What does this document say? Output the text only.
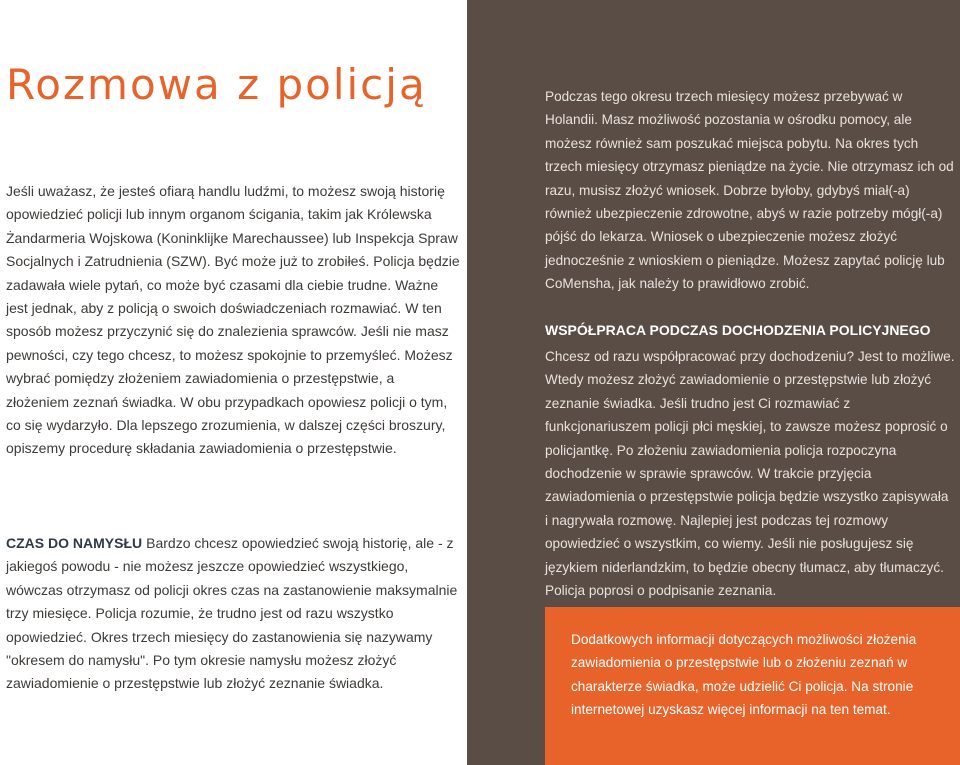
Rozmowa z policją

Jeśli uważasz, że jesteś ofiarą handlu ludźmi, to możesz swoją historię opowiedzieć policji lub innym organom ścigania, takim jak Królewska Żandarmeria Wojskowa (Koninklijke Marechaussee) lub Inspekcja Spraw Socjalnych i Zatrudnienia (SZW). Być może już to zrobiłeś. Policja będzie zadawała wiele pytań, co może być czasami dla ciebie trudne. Ważne jest jednak, aby z policją o swoich doświadczeniach rozmawiać. W ten sposób możesz przyczynić się do znalezienia sprawców. Jeśli nie masz pewności, czy tego chcesz, to możesz spokojnie to przemyśleć. Możesz wybrać pomiędzy złożeniem zawiadomienia o przestępstwie, a złożeniem zeznań świadka. W obu przypadkach opowiesz policji o tym, co się wydarzyło. Dla lepszego zrozumienia, w dalszej części broszury, opiszemy procedurę składania zawiadomienia o przestępstwie.

CZAS DO NAMYSŁU Bardzo chcesz opowiedzieć swoją historię, ale - z jakiegoś powodu - nie możesz jeszcze opowiedzieć wszystkiego, wówczas otrzymasz od policji okres czas na zastanowienie maksymalnie trzy miesięce. Policja rozumie, że trudno jest od razu wszystko opowiedzieć. Okres trzech miesięcy do zastanowienia się nazywamy "okresem do namysłu". Po tym okresie namysłu możesz złożyć zawiadomienie o przestępstwie lub złożyć zeznanie świadka.

Podczas tego okresu trzech miesięcy możesz przebywać w Holandii. Masz możliwość pozostania w ośrodku pomocy, ale możesz również sam poszukać miejsca pobytu. Na okres tych trzech miesięcy otrzymasz pieniądze na życie. Nie otrzymasz ich od razu, musisz złożyć wniosek. Dobrze byłoby, gdybyś miał(-a) również ubezpieczenie zdrowotne, abyś w razie potrzeby mógł(-a) pójść do lekarza. Wniosek o ubezpieczenie możesz złożyć jednocześnie z wnioskiem o pieniądze. Możesz zapytać policję lub CoMensha, jak należy to prawidłowo zrobić.

WSPÓŁPRACA PODCZAS DOCHODZENIA POLICYJNEGO

Chcesz od razu współpracować przy dochodzeniu? Jest to możliwe. Wtedy możesz złożyć zawiadomienie o przestępstwie lub złożyć zeznanie świadka. Jeśli trudno jest Ci rozmawiać z funkcjonariuszem policji płci męskiej, to zawsze możesz poprosić o policjantkę. Po złożeniu zawiadomienia policja rozpoczyna dochodzenie w sprawie sprawców. W trakcie przyjęcia zawiadomienia o przestępstwie policja będzie wszystko zapisywała i nagrywała rozmowę. Najlepiej jest podczas tej rozmowy opowiedzieć o wszystkim, co wiemy. Jeśli nie posługujesz się językiem niderlandzkim, to będzie obecny tłumacz, aby tłumaczyć. Policja poprosi o podpisanie zeznania.

Dodatkowych informacji dotyczących możliwości złożenia zawiadomienia o przestępstwie lub o złożeniu zeznań w charakterze świadka, może udzielić Ci policja. Na stronie internetowej uzyskasz więcej informacji na ten temat.
